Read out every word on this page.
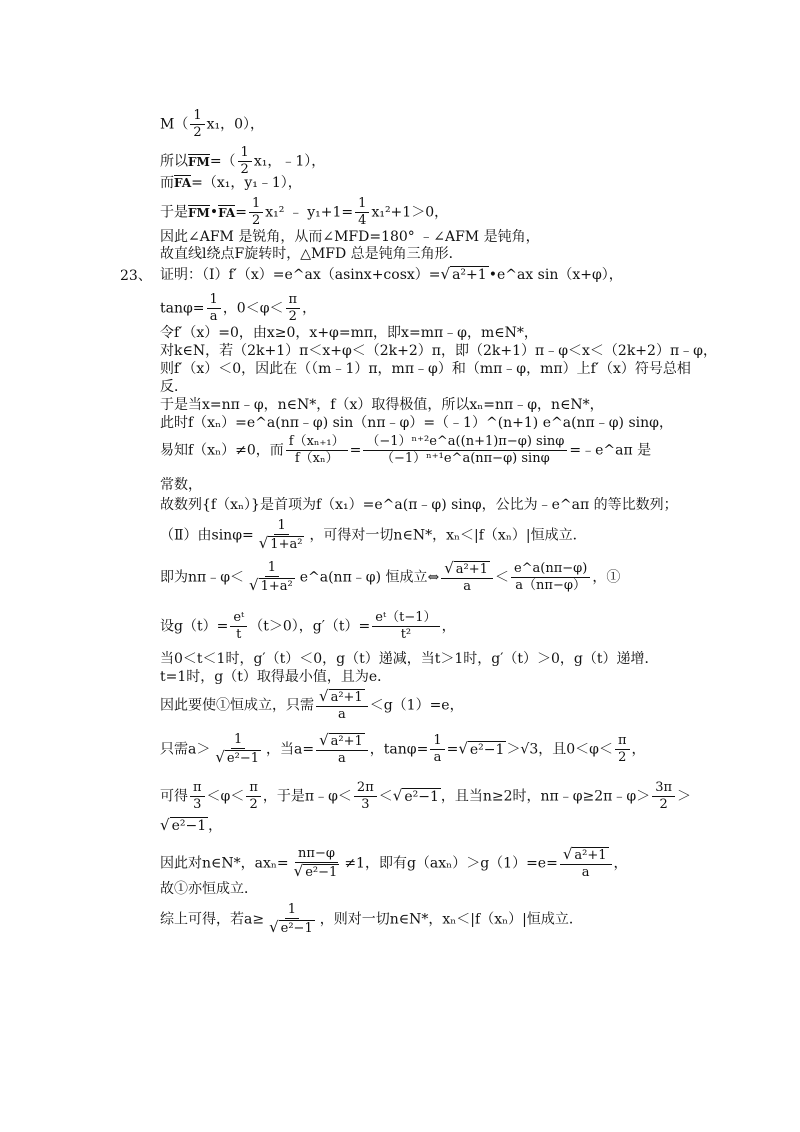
$M( \frac{1}{2} x_1$，0），
所以$FM=( \frac{1}{2} x_1$，﹣1），
而FA=（x₁，y₁﹣1），
于是FM•FA= $\frac{1}{2} x_1^2$ ﹣ $y_1+1= \frac{1}{4} x_1^2+1>0$，
因此∠AFM 是锐角，从而∠MFD=180° ﹣∠AFM 是钝角，
故直线l绕点F旋转时，△MFD 总是钝角三角形．
23、 证明：（Ⅰ）f′（x）=e^ax（asinx+cosx）=√ a²+1 •e^ax sin（x+φ），
$\tan\varphi= \frac{1}{a}$ ，$0<\varphi< \frac{\pi}{2}$ ，
令f′（x）=0，由x≥0，x+φ=mπ，即x=mπ﹣φ，m∈N*，
对k∈N，若（2k+1）π＜x+φ＜（2k+2）π，即（2k+1）π﹣φ＜x＜（2k+2）π﹣φ，
则f′（x）＜0，因此在（（m﹣1）π，mπ﹣φ）和（mπ﹣φ，mπ）上f′（x）符号总相
反．
于是当x=nπ﹣φ，n∈N*，f（x）取得极值，所以xₙ=nπ﹣φ，n∈N*，
此时f（xₙ）=e^a(nπ﹣φ) sin（nπ﹣φ）=（﹣1）^(n+1) e^a(nπ﹣φ) sinφ，
易知f（xₙ）≠0，而 $\frac{\text{f（xₙ₊₁）}}{\text{f（xₙ）}} = \frac{\text{（−1）ⁿ⁺²e\textasciicircum{}a((n+1)π−φ) sinφ}}{\text{（−1）ⁿ⁺¹e\textasciicircum{}a(nπ−φ) sinφ}}$ =﹣e^aπ 是
常数，
故数列{f（xₙ）}是首项为f（x₁）=e^a(π﹣φ) sinφ，公比为﹣e^aπ 的等比数列；
（Ⅱ）由$\sin\varphi= \frac{1}{\text{√ 1+a²}}$ ，可得对一切n∈N*，xₙ＜|f（xₙ）|恒成立．
即为nπ﹣φ＜ $\frac{1}{\text{√ 1+a²}}$ e^a(nπ﹣φ) 恒成立⇔ $\frac{\text{√ a²+1}}{a} < \frac{e\^{}a(n\pi-\varphi)}{a(n\pi-\varphi)}$ ，①
设$g(t)= \frac{\text{eᵗ}}{t} (t>0)$，$g'(t)= \frac{\text{eᵗ（t−1）}}{\text{t²}}$ ，
当0＜t＜1时，g′（t）＜0，g（t）递减，当t＞1时，g′（t）＞0，g（t）递增．
t=1时，g（t）取得最小值，且为e．
因此要使①恒成立，只需 $\frac{\text{√ a²+1}}{a} <g(1)=e$，
只需$a> \frac{1}{\text{√ e²−1}}$ ，当$a= \frac{\text{√ a²+1}}{a}$ ，$\tan\varphi= \frac{1}{a}$ =√ e²−1 ＞√3，且$0<\varphi< \frac{\pi}{2}$ ，
可得 $\frac{\pi}{3} <\varphi< \frac{\pi}{2}$ ，于是π﹣φ＜ $\frac{2\pi}{3}$ ＜√ e²−1 ，且当n≥2时，nπ﹣φ≥2π﹣φ＞ $\frac{3\pi}{2}$ ＞
√ e²−1 ，
因此对n∈N*，$ax_n= \frac{n\pi-\varphi}{\text{√ e²−1}} \ne 1$，即有$g(ax_n)>g(1)=e= \frac{\text{√ a²+1}}{a}$ ，
故①亦恒成立．
综上可得，若$a\ge \frac{1}{\text{√ e²−1}}$ ，则对一切n∈N*，xₙ＜|f（xₙ）|恒成立．
